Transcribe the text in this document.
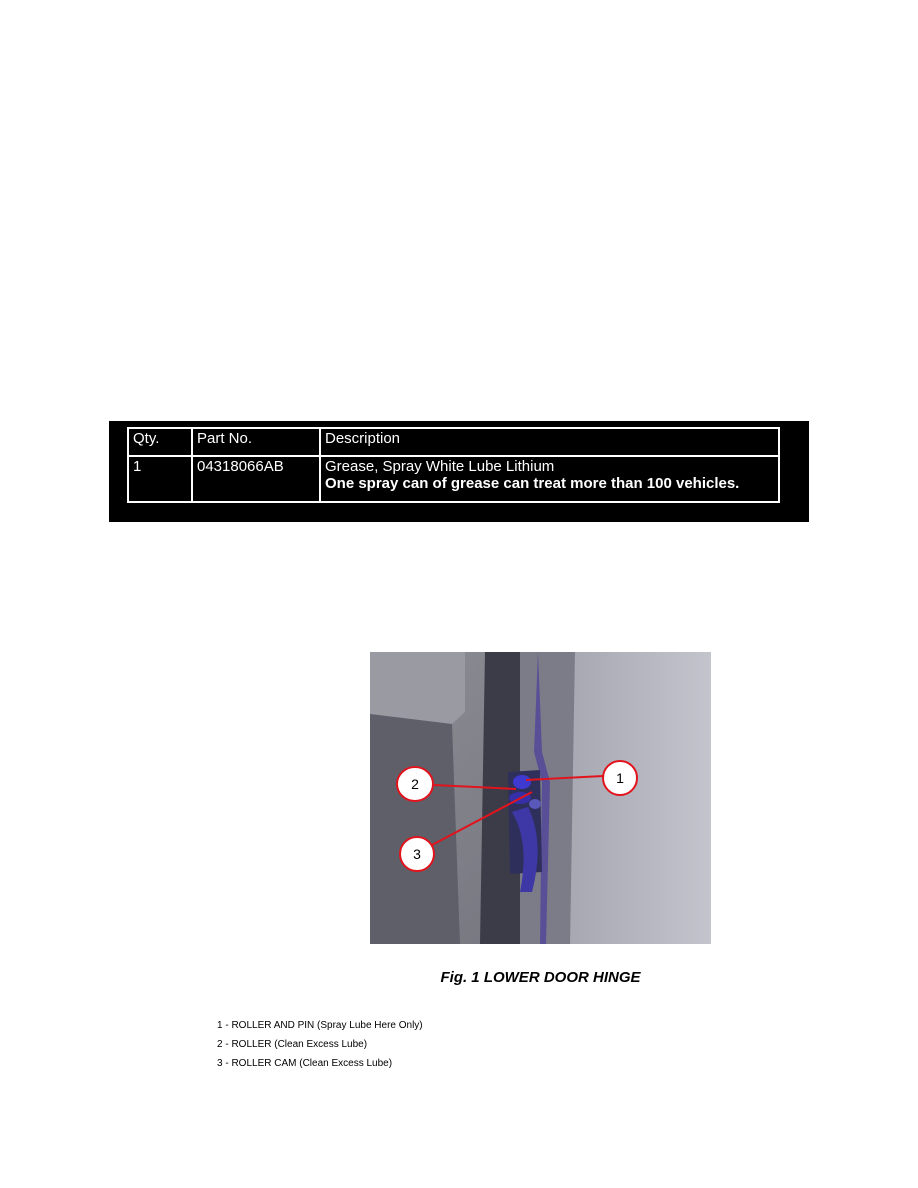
Qty.	Part No.	Description
1	04318066AB	Grease, Spray White Lube Lithium
One spray can of grease can treat more than 100 vehicles.
1
2
3
Fig. 1 LOWER DOOR HINGE
1 - ROLLER AND PIN (Spray Lube Here Only)
2 - ROLLER (Clean Excess Lube)
3 - ROLLER CAM (Clean Excess Lube)
